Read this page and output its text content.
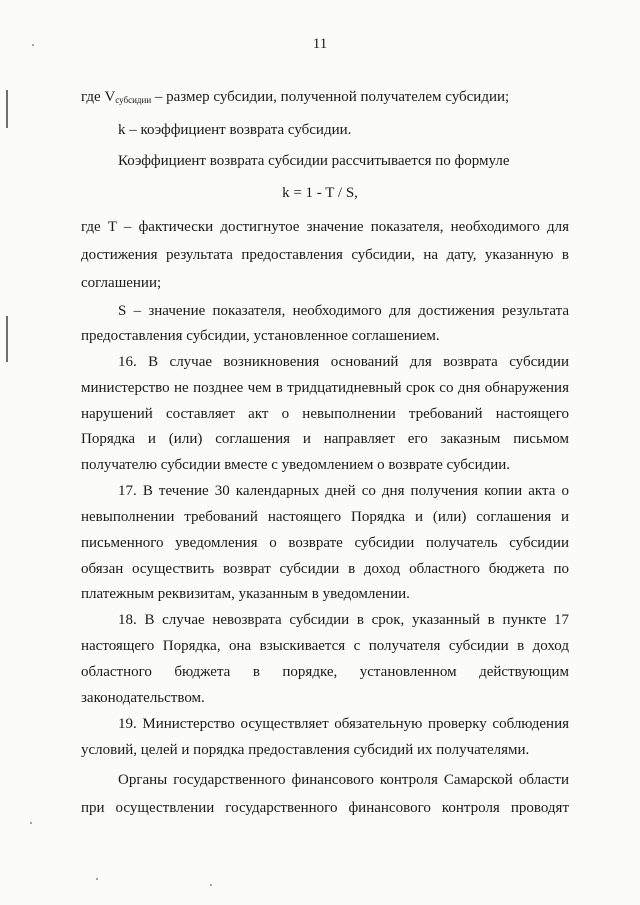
11
где Vсубсидии – размер субсидии, полученной получателем субсидии;
k – коэффициент возврата субсидии.
Коэффициент возврата субсидии рассчитывается по формуле
k = 1 - T / S,
где T – фактически достигнутое значение показателя, необходимого для
достижения результата предоставления субсидии, на дату, указанную в
соглашении;
S – значение показателя, необходимого для достижения результата
предоставления субсидии, установленное соглашением.
16. В случае возникновения оснований для возврата субсидии
министерство не позднее чем в тридцатидневный срок со дня обнаружения
нарушений составляет акт о невыполнении требований настоящего
Порядка и (или) соглашения и направляет его заказным письмом
получателю субсидии вместе с уведомлением о возврате субсидии.
17. В течение 30 календарных дней со дня получения копии акта о
невыполнении требований настоящего Порядка и (или) соглашения и
письменного уведомления о возврате субсидии получатель субсидии
обязан осуществить возврат субсидии в доход областного бюджета по
платежным реквизитам, указанным в уведомлении.
18. В случае невозврата субсидии в срок, указанный в пункте 17
настоящего Порядка, она взыскивается с получателя субсидии в доход
областного бюджета в порядке, установленном действующим
законодательством.
19. Министерство осуществляет обязательную проверку соблюдения
условий, целей и порядка предоставления субсидий их получателями.
Органы государственного финансового контроля Самарской области
при осуществлении государственного финансового контроля проводят
